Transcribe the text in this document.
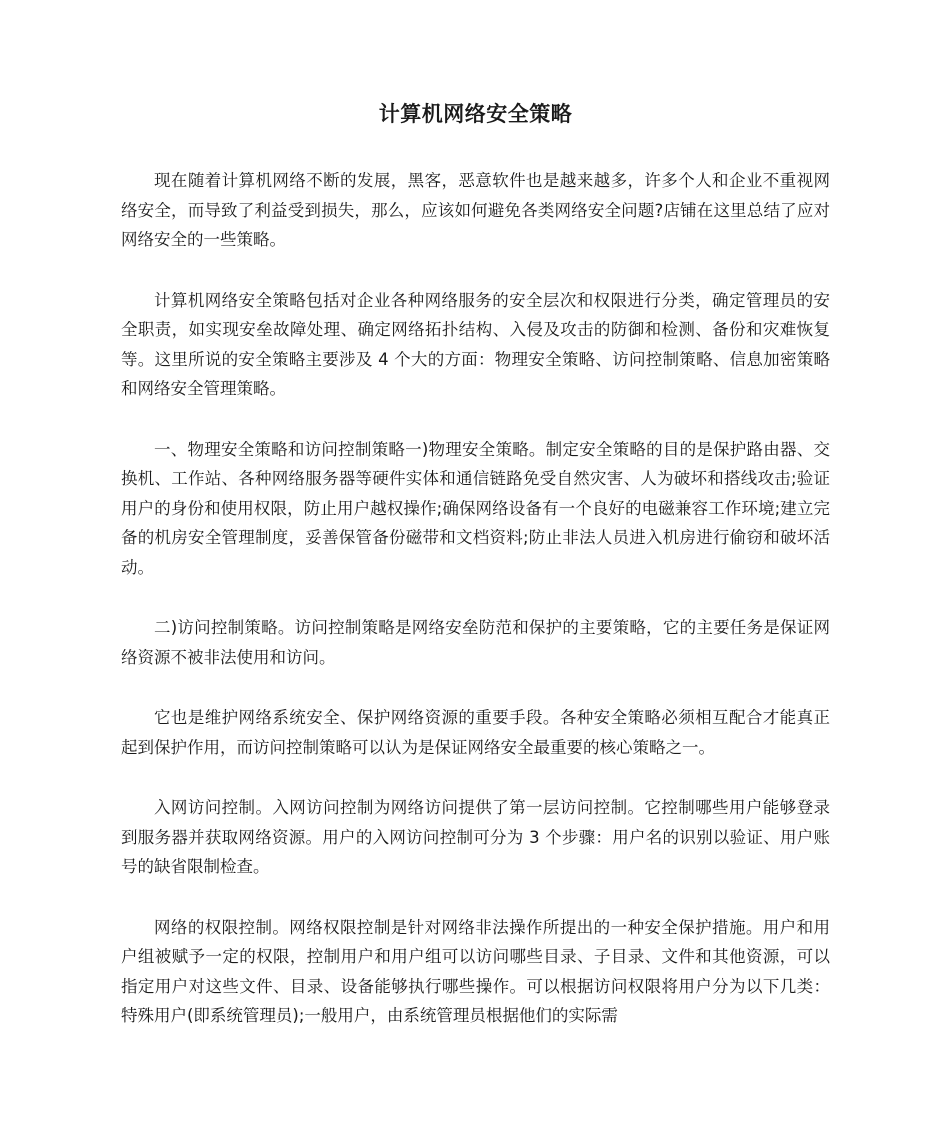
计算机网络安全策略

现在随着计算机网络不断的发展，黑客，恶意软件也是越来越多，许多个人和企业不重视网络安全，而导致了利益受到损失，那么，应该如何避免各类网络安全问题?店铺在这里总结了应对网络安全的一些策略。

计算机网络安全策略包括对企业各种网络服务的安全层次和权限进行分类，确定管理员的安全职责，如实现安垒故障处理、确定网络拓扑结构、入侵及攻击的防御和检测、备份和灾难恢复等。这里所说的安全策略主要涉及 4 个大的方面：物理安全策略、访问控制策略、信息加密策略和网络安全管理策略。

一、物理安全策略和访问控制策略一)物理安全策略。制定安全策略的目的是保护路由器、交换机、工作站、各种网络服务器等硬件实体和通信链路免受自然灾害、人为破坏和搭线攻击;验证用户的身份和使用权限，防止用户越权操作;确保网络设备有一个良好的电磁兼容工作环境;建立完备的机房安全管理制度，妥善保管备份磁带和文档资料;防止非法人员进入机房进行偷窃和破坏活动。

二)访问控制策略。访问控制策略是网络安垒防范和保护的主要策略，它的主要任务是保证网络资源不被非法使用和访问。

它也是维护网络系统安全、保护网络资源的重要手段。各种安全策略必须相互配合才能真正起到保护作用，而访问控制策略可以认为是保证网络安全最重要的核心策略之一。

入网访问控制。入网访问控制为网络访问提供了第一层访问控制。它控制哪些用户能够登录到服务器并获取网络资源。用户的入网访问控制可分为 3 个步骤：用户名的识别以验证、用户账号的缺省限制检查。

网络的权限控制。网络权限控制是针对网络非法操作所提出的一种安全保护措施。用户和用户组被赋予一定的权限，控制用户和用户组可以访问哪些目录、子目录、文件和其他资源，可以指定用户对这些文件、目录、设备能够执行哪些操作。可以根据访问权限将用户分为以下几类：特殊用户(即系统管理员);一般用户，由系统管理员根据他们的实际需
